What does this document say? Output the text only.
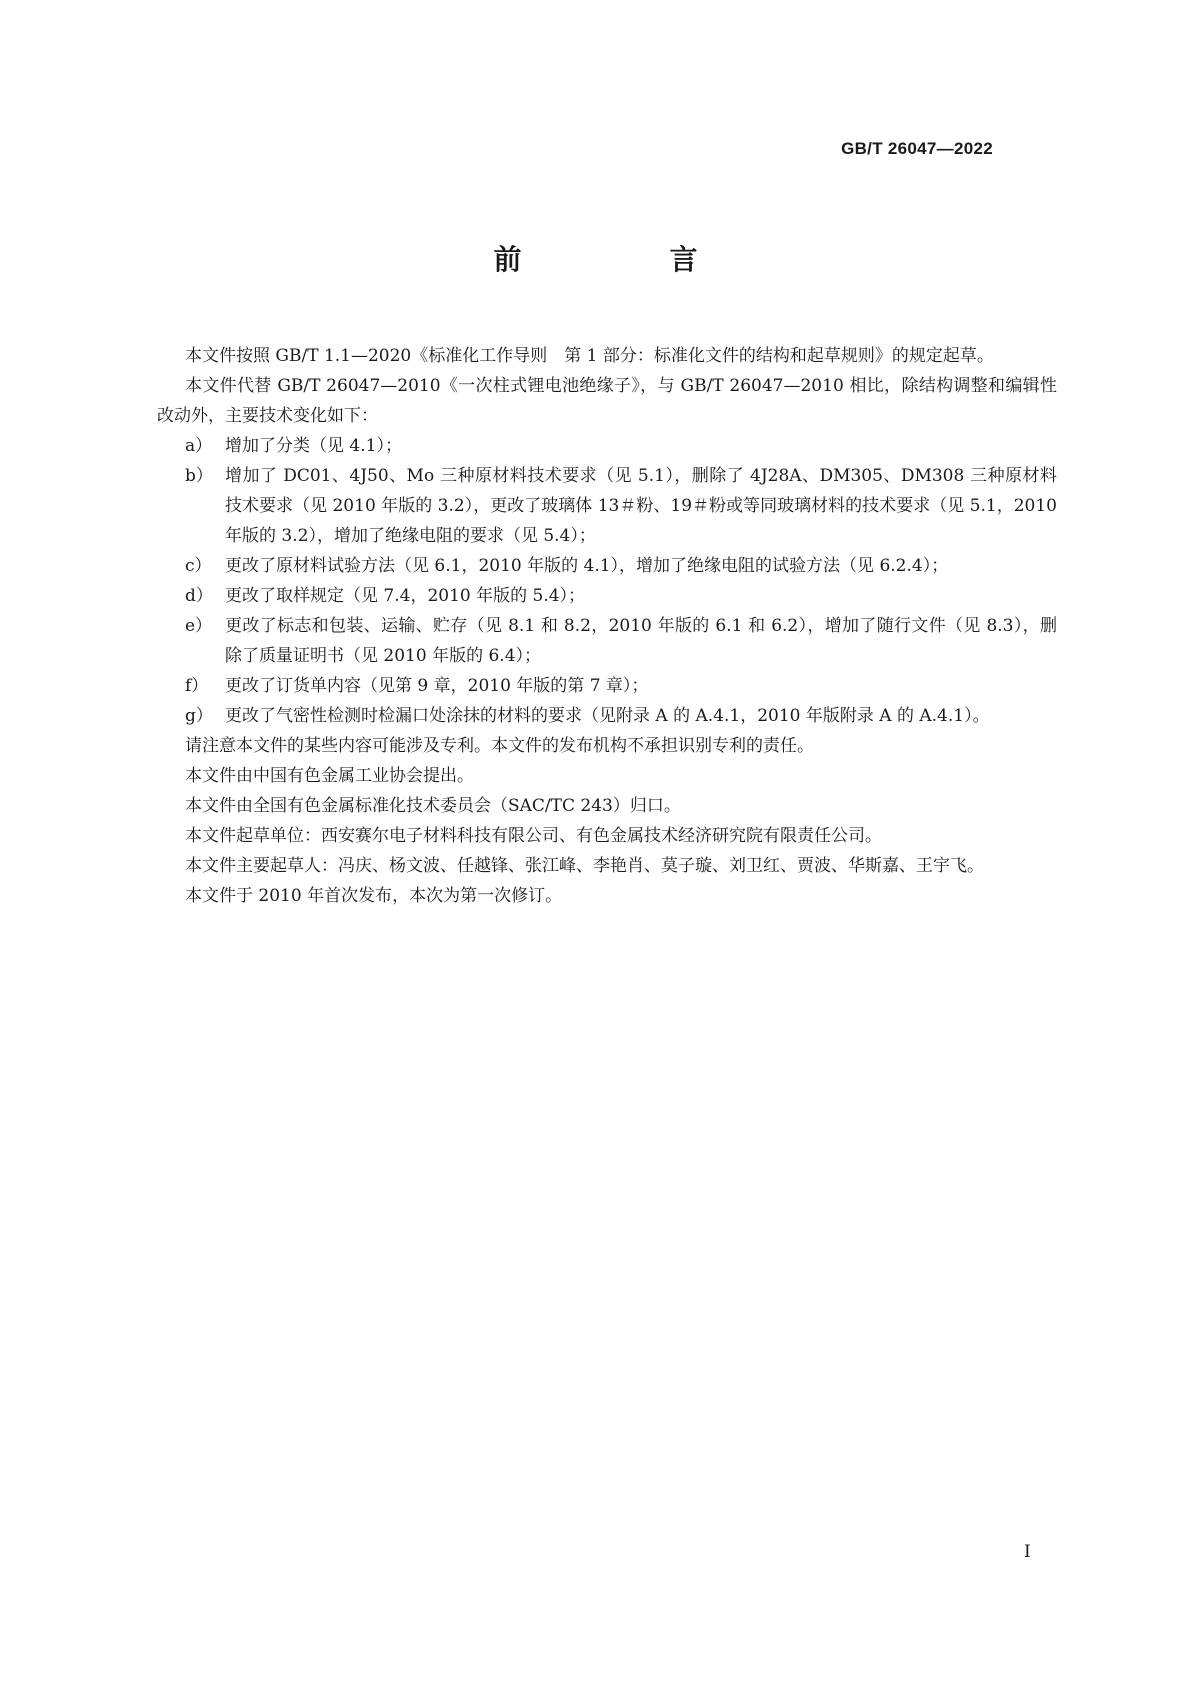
GB/T 26047—2022
前　言

本文件按照 GB/T 1.1—2020《标准化工作导则　第 1 部分：标准化文件的结构和起草规则》的规定起草。

本文件代替 GB/T 26047—2010《一次柱式锂电池绝缘子》，与 GB/T 26047—2010 相比，除结构调整和编辑性改动外，主要技术变化如下：

a） 增加了分类（见 4.1）；

b） 增加了 DC01、4J50、Mo 三种原材料技术要求（见 5.1），删除了 4J28A、DM305、DM308 三种原材料技术要求（见 2010 年版的 3.2），更改了玻璃体 13＃粉、19＃粉或等同玻璃材料的技术要求（见 5.1，2010 年版的 3.2），增加了绝缘电阻的要求（见 5.4）；

c） 更改了原材料试验方法（见 6.1，2010 年版的 4.1），增加了绝缘电阻的试验方法（见 6.2.4）；

d） 更改了取样规定（见 7.4，2010 年版的 5.4）；

e） 更改了标志和包装、运输、贮存（见 8.1 和 8.2，2010 年版的 6.1 和 6.2），增加了随行文件（见 8.3），删除了质量证明书（见 2010 年版的 6.4）；

f） 更改了订货单内容（见第 9 章，2010 年版的第 7 章）；

g） 更改了气密性检测时检漏口处涂抹的材料的要求（见附录 A 的 A.4.1，2010 年版附录 A 的 A.4.1）。

请注意本文件的某些内容可能涉及专利。本文件的发布机构不承担识别专利的责任。

本文件由中国有色金属工业协会提出。

本文件由全国有色金属标准化技术委员会（SAC/TC 243）归口。

本文件起草单位：西安赛尔电子材料科技有限公司、有色金属技术经济研究院有限责任公司。

本文件主要起草人：冯庆、杨文波、任越锋、张江峰、李艳肖、莫子璇、刘卫红、贾波、华斯嘉、王宇飞。

本文件于 2010 年首次发布，本次为第一次修订。

I
